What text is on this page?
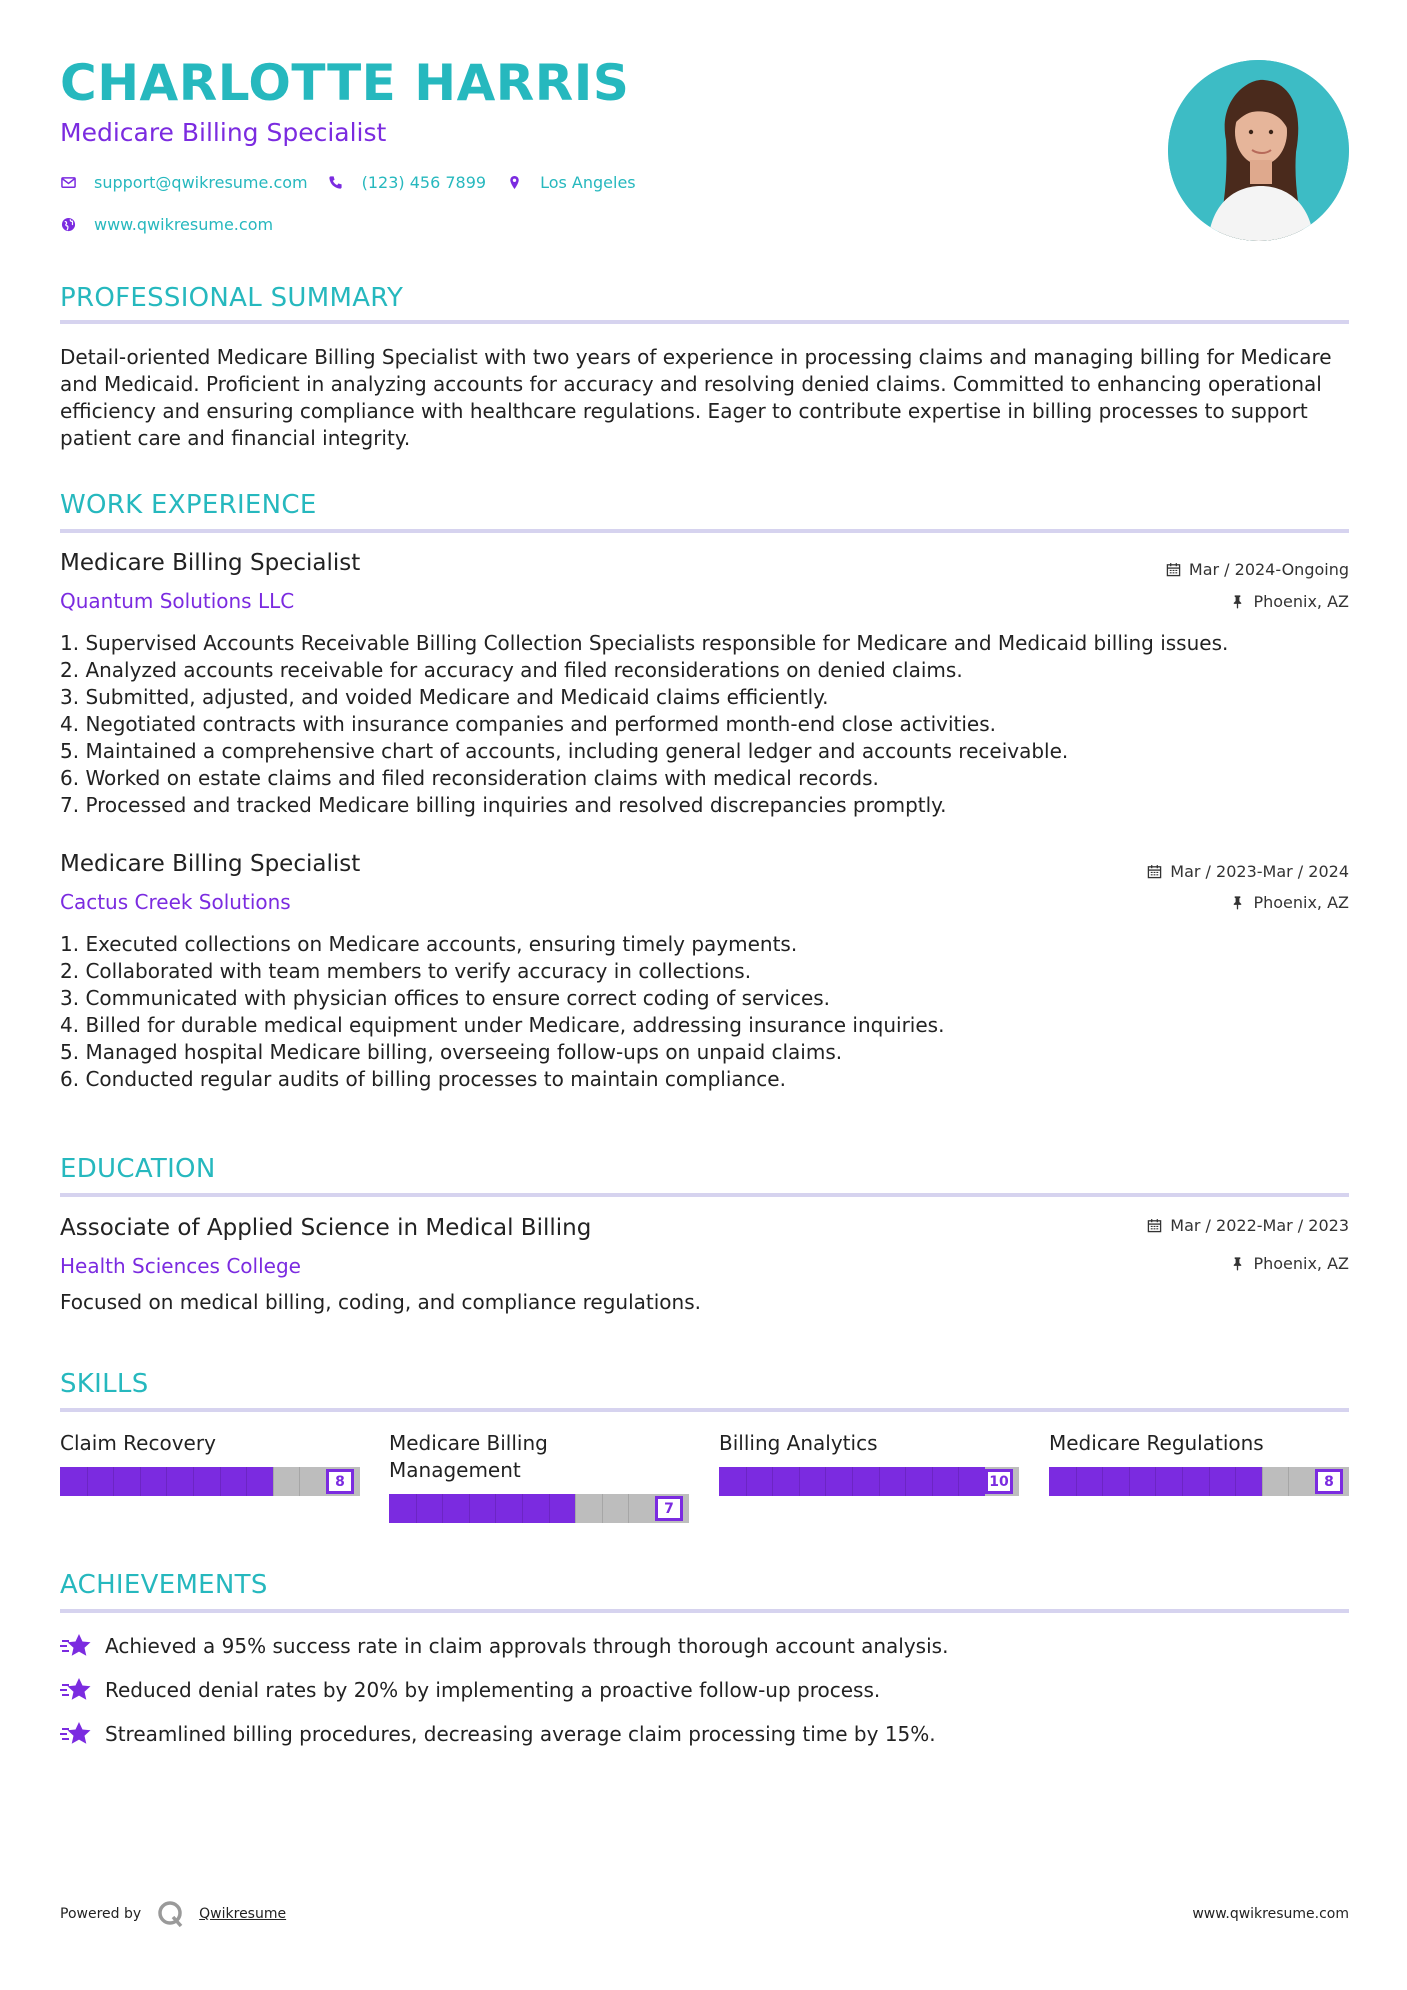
CHARLOTTE HARRIS
Medicare Billing Specialist
support@qwikresume.com	(123) 456 7899	Los Angeles
www.qwikresume.com
PROFESSIONAL SUMMARY
Detail-oriented Medicare Billing Specialist with two years of experience in processing claims and managing billing for Medicare and Medicaid. Proficient in analyzing accounts for accuracy and resolving denied claims. Committed to enhancing operational efficiency and ensuring compliance with healthcare regulations. Eager to contribute expertise in billing processes to support patient care and financial integrity.
WORK EXPERIENCE
Medicare Billing Specialist
Quantum Solutions LLC
Mar / 2024-Ongoing
Phoenix, AZ
1. Supervised Accounts Receivable Billing Collection Specialists responsible for Medicare and Medicaid billing issues.
2. Analyzed accounts receivable for accuracy and filed reconsiderations on denied claims.
3. Submitted, adjusted, and voided Medicare and Medicaid claims efficiently.
4. Negotiated contracts with insurance companies and performed month-end close activities.
5. Maintained a comprehensive chart of accounts, including general ledger and accounts receivable.
6. Worked on estate claims and filed reconsideration claims with medical records.
7. Processed and tracked Medicare billing inquiries and resolved discrepancies promptly.
Medicare Billing Specialist
Cactus Creek Solutions
Mar / 2023-Mar / 2024
Phoenix, AZ
1. Executed collections on Medicare accounts, ensuring timely payments.
2. Collaborated with team members to verify accuracy in collections.
3. Communicated with physician offices to ensure correct coding of services.
4. Billed for durable medical equipment under Medicare, addressing insurance inquiries.
5. Managed hospital Medicare billing, overseeing follow-ups on unpaid claims.
6. Conducted regular audits of billing processes to maintain compliance.
EDUCATION
Associate of Applied Science in Medical Billing
Health Sciences College
Mar / 2022-Mar / 2023
Phoenix, AZ
Focused on medical billing, coding, and compliance regulations.
SKILLS
Claim Recovery
8
Medicare Billing Management
7
Billing Analytics
10
Medicare Regulations
8
ACHIEVEMENTS
Achieved a 95% success rate in claim approvals through thorough account analysis.
Reduced denial rates by 20% by implementing a proactive follow-up process.
Streamlined billing procedures, decreasing average claim processing time by 15%.
Powered by	Qwikresume	www.qwikresume.com
